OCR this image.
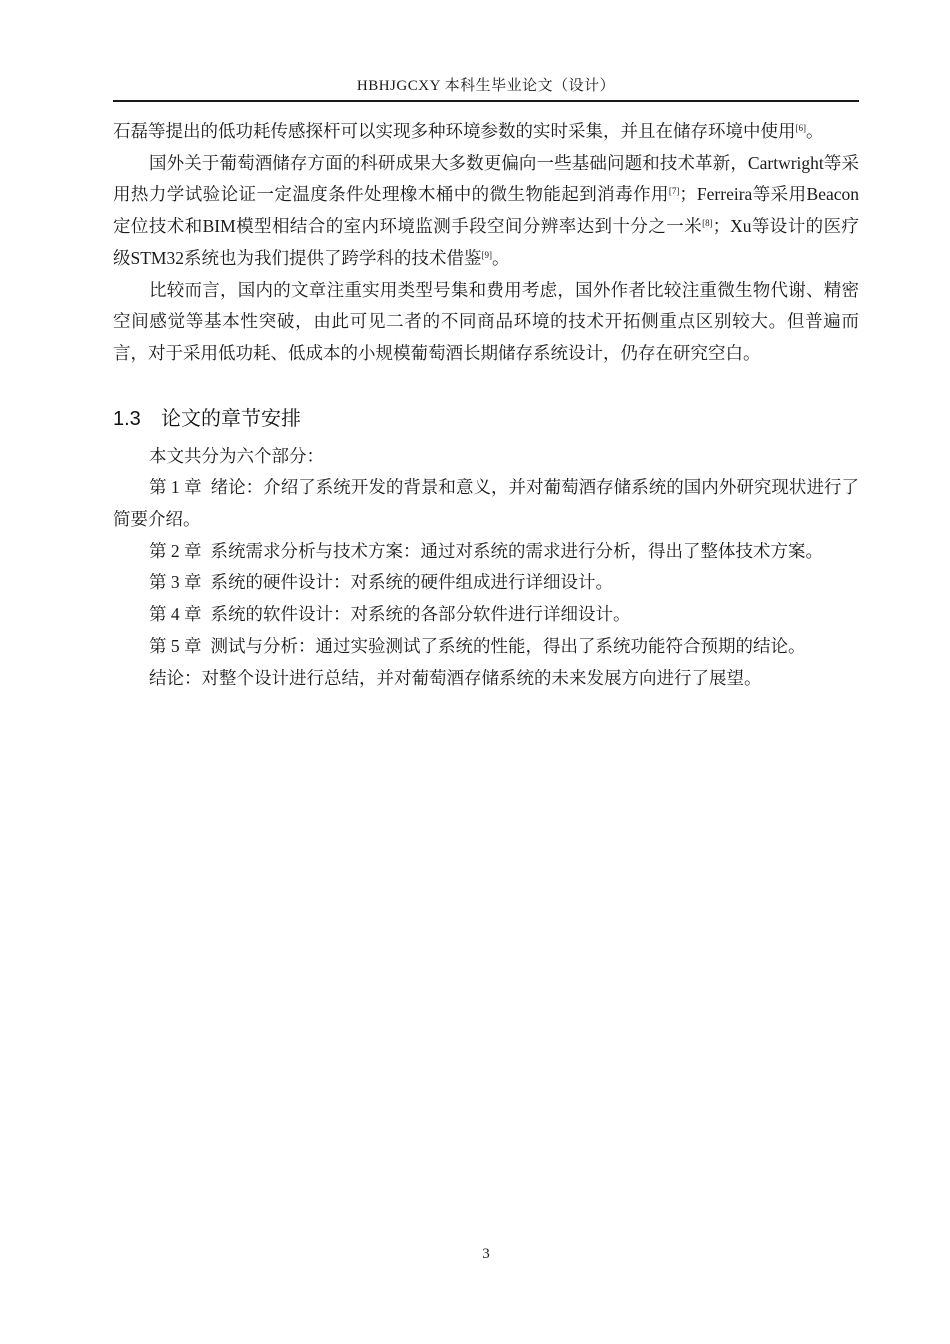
HBHJGCXY 本科生毕业论文（设计）

石磊等提出的低功耗传感探杆可以实现多种环境参数的实时采集，并且在储存环境中使用[6]。

国外关于葡萄酒储存方面的科研成果大多数更偏向一些基础问题和技术革新，Cartwright等采用热力学试验论证一定温度条件处理橡木桶中的微生物能起到消毒作用[7]；Ferreira等采用Beacon定位技术和BIM模型相结合的室内环境监测手段空间分辨率达到十分之一米[8]；Xu等设计的医疗级STM32系统也为我们提供了跨学科的技术借鉴[9]。

比较而言，国内的文章注重实用类型号集和费用考虑，国外作者比较注重微生物代谢、精密空间感觉等基本性突破，由此可见二者的不同商品环境的技术开拓侧重点区别较大。但普遍而言，对于采用低功耗、低成本的小规模葡萄酒长期储存系统设计，仍存在研究空白。

1.3 论文的章节安排

本文共分为六个部分：

第 1 章 绪论：介绍了系统开发的背景和意义，并对葡萄酒存储系统的国内外研究现状进行了简要介绍。

第 2 章 系统需求分析与技术方案：通过对系统的需求进行分析，得出了整体技术方案。

第 3 章 系统的硬件设计：对系统的硬件组成进行详细设计。

第 4 章 系统的软件设计：对系统的各部分软件进行详细设计。

第 5 章 测试与分析：通过实验测试了系统的性能，得出了系统功能符合预期的结论。

结论：对整个设计进行总结，并对葡萄酒存储系统的未来发展方向进行了展望。

3
